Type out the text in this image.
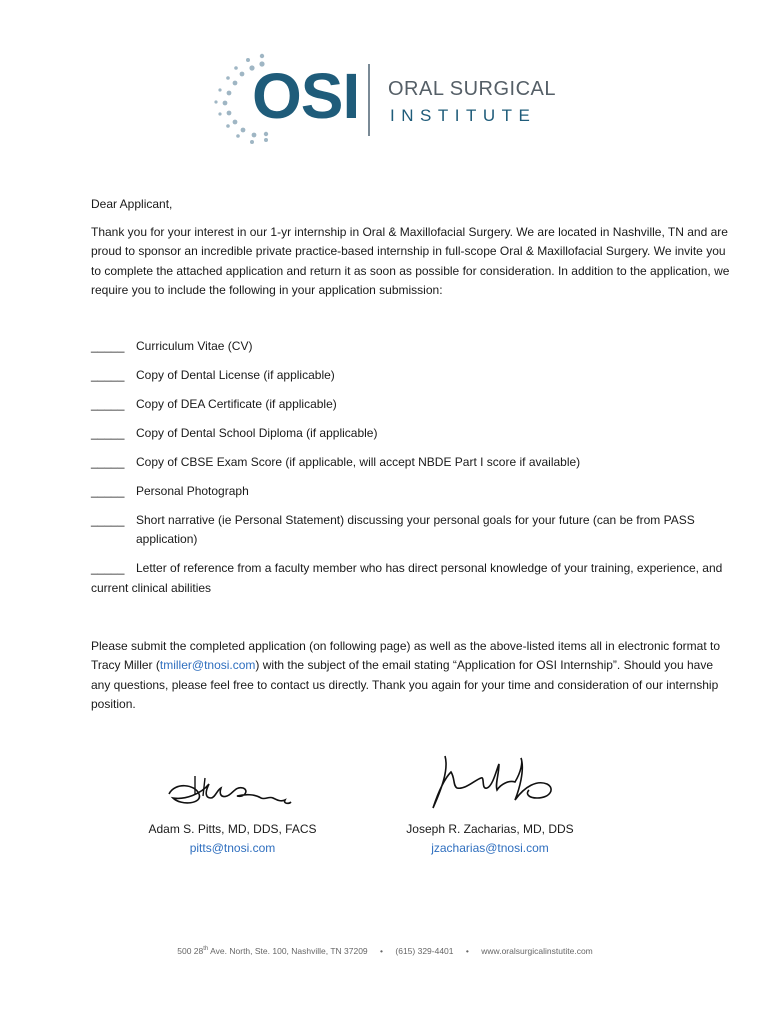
OSI ORAL SURGICAL
INSTITUTE
Dear Applicant,
Thank you for your interest in our 1-yr internship in Oral & Maxillofacial Surgery. We are located in Nashville, TN and are proud to sponsor an incredible private practice-based internship in full-scope Oral & Maxillofacial Surgery. We invite you to complete the attached application and return it as soon as possible for consideration. In addition to the application, we require you to include the following in your application submission:
_____ Curriculum Vitae (CV)
_____ Copy of Dental License (if applicable)
_____ Copy of DEA Certificate (if applicable)
_____ Copy of Dental School Diploma (if applicable)
_____ Copy of CBSE Exam Score (if applicable, will accept NBDE Part I score if available)
_____ Personal Photograph
_____ Short narrative (ie Personal Statement) discussing your personal goals for your future (can be from PASS application)
_____ Letter of reference from a faculty member who has direct personal knowledge of your training, experience, and current clinical abilities
Please submit the completed application (on following page) as well as the above-listed items all in electronic format to Tracy Miller (tmiller@tnosi.com) with the subject of the email stating “Application for OSI Internship”. Should you have any questions, please feel free to contact us directly. Thank you again for your time and consideration of our internship position.
Adam S. Pitts, MD, DDS, FACS
pitts@tnosi.com
Joseph R. Zacharias, MD, DDS
jzacharias@tnosi.com
500 28th Ave. North, Ste. 100, Nashville, TN 37209 • (615) 329-4401 • www.oralsurgicalinstutite.com
